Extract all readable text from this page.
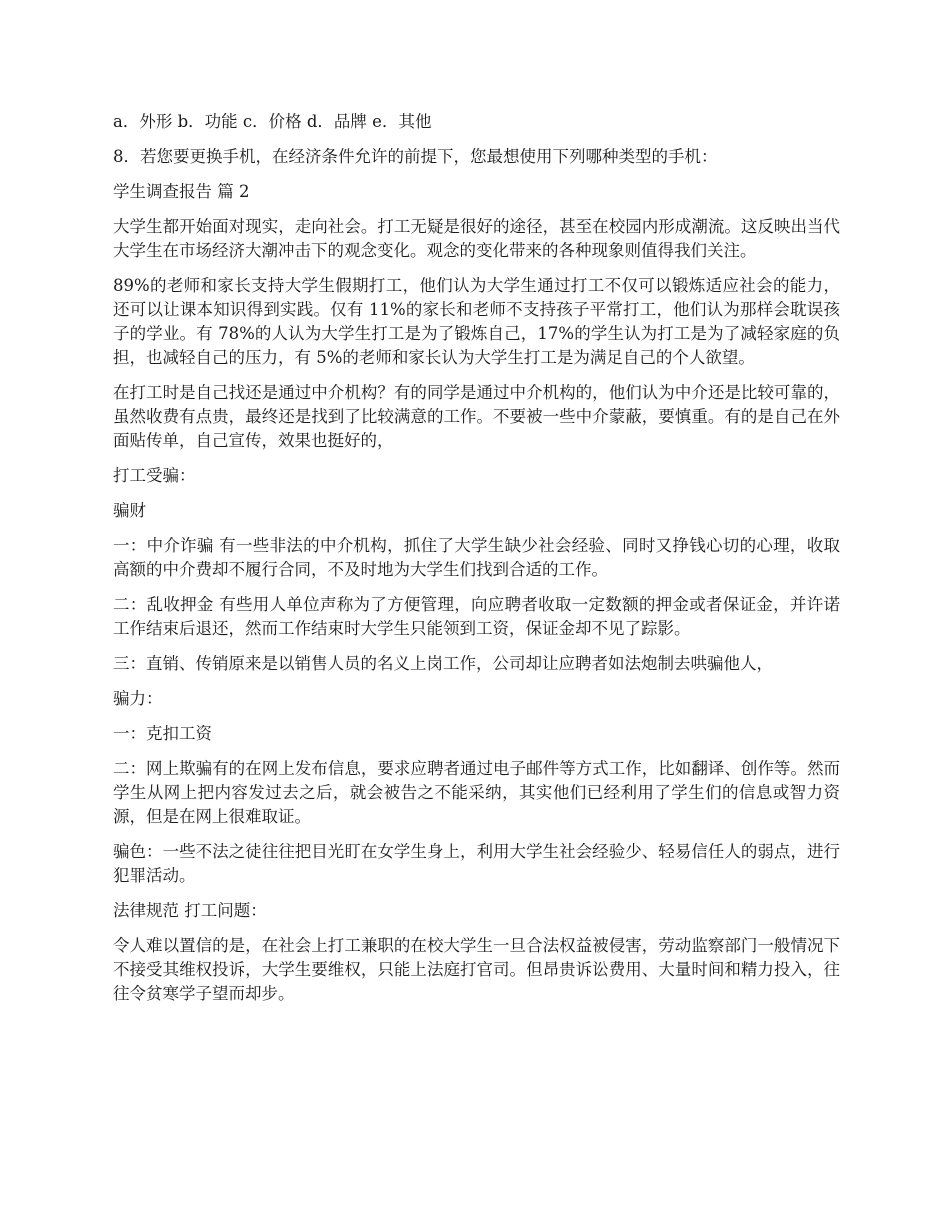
a．外形 b．功能 c．价格 d．品牌 e．其他

8．若您要更换手机，在经济条件允许的前提下，您最想使用下列哪种类型的手机：

学生调查报告 篇 2

大学生都开始面对现实，走向社会。打工无疑是很好的途径，甚至在校园内形成潮流。这反映出当代大学生在市场经济大潮冲击下的观念变化。观念的变化带来的各种现象则值得我们关注。

89%的老师和家长支持大学生假期打工，他们认为大学生通过打工不仅可以锻炼适应社会的能力，还可以让课本知识得到实践。仅有 11%的家长和老师不支持孩子平常打工，他们认为那样会耽误孩子的学业。有 78%的人认为大学生打工是为了锻炼自己，17%的学生认为打工是为了减轻家庭的负担，也减轻自己的压力，有 5%的老师和家长认为大学生打工是为满足自己的个人欲望。

在打工时是自己找还是通过中介机构？有的同学是通过中介机构的，他们认为中介还是比较可靠的，虽然收费有点贵，最终还是找到了比较满意的工作。不要被一些中介蒙蔽，要慎重。有的是自己在外面贴传单，自己宣传，效果也挺好的，

打工受骗：

骗财

一：中介诈骗 有一些非法的中介机构，抓住了大学生缺少社会经验、同时又挣钱心切的心理，收取高额的中介费却不履行合同，不及时地为大学生们找到合适的工作。

二：乱收押金 有些用人单位声称为了方便管理，向应聘者收取一定数额的押金或者保证金，并许诺工作结束后退还，然而工作结束时大学生只能领到工资，保证金却不见了踪影。

三：直销、传销原来是以销售人员的名义上岗工作，公司却让应聘者如法炮制去哄骗他人，

骗力：

一：克扣工资

二：网上欺骗有的在网上发布信息，要求应聘者通过电子邮件等方式工作，比如翻译、创作等。然而学生从网上把内容发过去之后，就会被告之不能采纳，其实他们已经利用了学生们的信息或智力资源，但是在网上很难取证。

骗色：一些不法之徒往往把目光盯在女学生身上，利用大学生社会经验少、轻易信任人的弱点，进行犯罪活动。

法律规范 打工问题：

令人难以置信的是，在社会上打工兼职的在校大学生一旦合法权益被侵害，劳动监察部门一般情况下不接受其维权投诉，大学生要维权，只能上法庭打官司。但昂贵诉讼费用、大量时间和精力投入，往往令贫寒学子望而却步。
